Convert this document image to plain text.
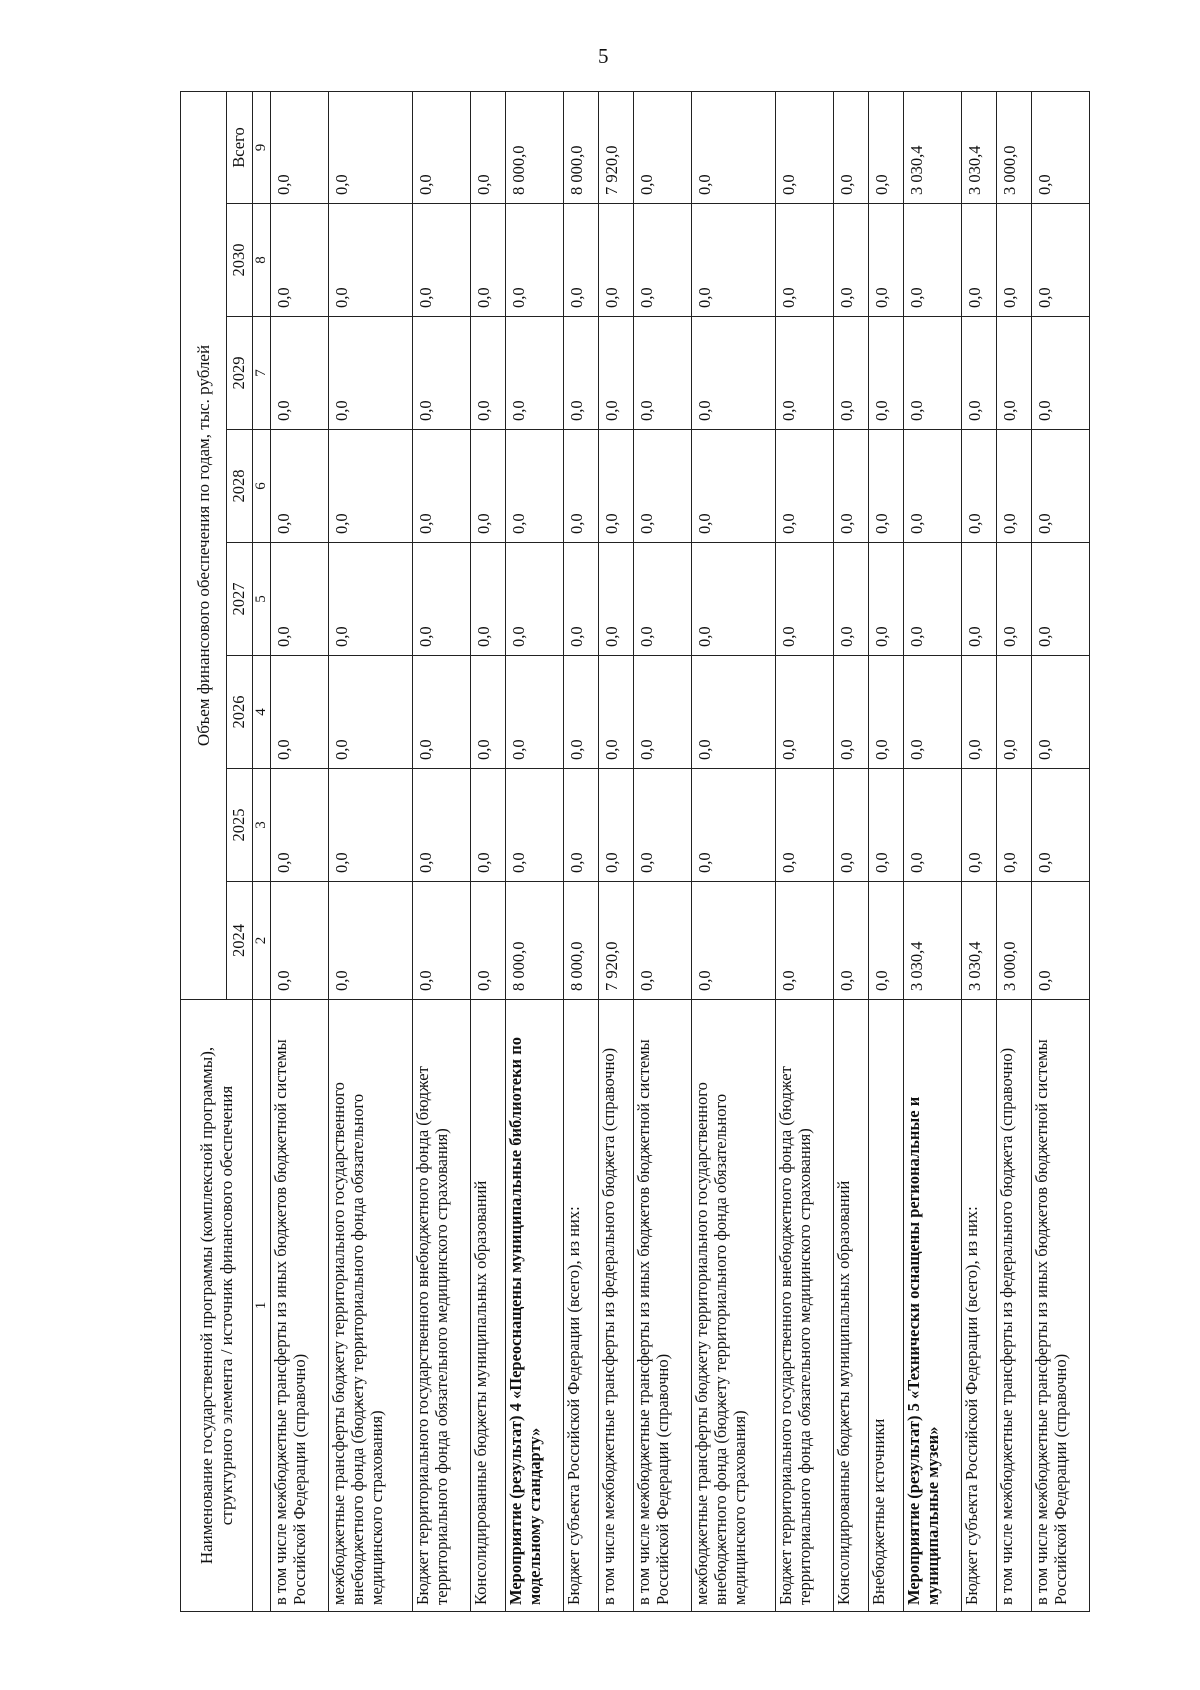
5
Наименование государственной программы (комплексной программы), структурного элемента / источник финансового обеспечения	Объем финансового обеспечения по годам, тыс. рублей							
	2024	2025	2026	2027	2028	2029	2030	Всего
1	2	3	4	5	6	7	8	9
в том числе межбюджетные трансферты из иных бюджетов бюджетной системы Российской Федерации (справочно)	0,0	0,0	0,0	0,0	0,0	0,0	0,0	0,0
межбюджетные трансферты бюджету территориального государственного внебюджетного фонда (бюджету территориального фонда обязательного медицинского страхования)	0,0	0,0	0,0	0,0	0,0	0,0	0,0	0,0
Бюджет территориального государственного внебюджетного фонда (бюджет территориального фонда обязательного медицинского страхования)	0,0	0,0	0,0	0,0	0,0	0,0	0,0	0,0
Консолидированные бюджеты муниципальных образований	0,0	0,0	0,0	0,0	0,0	0,0	0,0	0,0
Мероприятие (результат) 4 «Переоснащены муниципальные библиотеки по модельному стандарту»	8 000,0	0,0	0,0	0,0	0,0	0,0	0,0	8 000,0
Бюджет субъекта Российской Федерации (всего), из них:	8 000,0	0,0	0,0	0,0	0,0	0,0	0,0	8 000,0
в том числе межбюджетные трансферты из федерального бюджета (справочно)	7 920,0	0,0	0,0	0,0	0,0	0,0	0,0	7 920,0
в том числе межбюджетные трансферты из иных бюджетов бюджетной системы Российской Федерации (справочно)	0,0	0,0	0,0	0,0	0,0	0,0	0,0	0,0
межбюджетные трансферты бюджету территориального государственного внебюджетного фонда (бюджету территориального фонда обязательного медицинского страхования)	0,0	0,0	0,0	0,0	0,0	0,0	0,0	0,0
Бюджет территориального государственного внебюджетного фонда (бюджет территориального фонда обязательного медицинского страхования)	0,0	0,0	0,0	0,0	0,0	0,0	0,0	0,0
Консолидированные бюджеты муниципальных образований	0,0	0,0	0,0	0,0	0,0	0,0	0,0	0,0
Внебюджетные источники	0,0	0,0	0,0	0,0	0,0	0,0	0,0	0,0
Мероприятие (результат) 5 «Технически оснащены региональные и муниципальные музеи»	3 030,4	0,0	0,0	0,0	0,0	0,0	0,0	3 030,4
Бюджет субъекта Российской Федерации (всего), из них:	3 030,4	0,0	0,0	0,0	0,0	0,0	0,0	3 030,4
в том числе межбюджетные трансферты из федерального бюджета (справочно)	3 000,0	0,0	0,0	0,0	0,0	0,0	0,0	3 000,0
в том числе межбюджетные трансферты из иных бюджетов бюджетной системы Российской Федерации (справочно)	0,0	0,0	0,0	0,0	0,0	0,0	0,0	0,0
